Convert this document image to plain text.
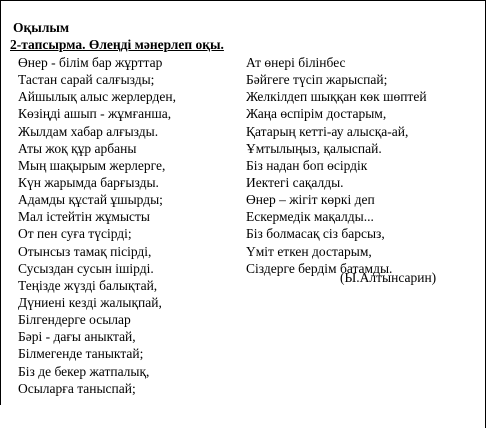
Оқылым
2-тапсырма. Өлеңді мәнерлеп оқы.
Өнер - білім бар жұрттар
Тастан сарай салғызды;
Айшылық алыс жерлерден,
Көзіңді ашып - жұмғанша,
Жылдам хабар алғызды.
Аты жоқ құр арбаны
Мың шақырым жерлерге,
Күн жарымда барғызды.
Адамды құстай ұшырды;
Мал істейтін жұмысты
От пен суға түсірді;
Отынсыз тамақ пісірді,
Сусыздан сусын ішірді.
Теңізде жүзді балықтай,
Дүниені кезді жалықпай,
Білгендерге осылар
Бәрі - дағы аныктай,
Білмегенде таныктай;
Біз де бекер жатпалық,
Осыларға таныспай;
Ат өнері білінбес
Бәйгеге түсіп жарыспай;
Желкілдеп шыққан көк шөптей
Жаңа өспірім достарым,
Қатарың кетті-ау алысқа-ай,
Ұмтылыңыз, қалыспай.
Біз надан боп өсірдік
Иектегі сақалды.
Өнер – жігіт көркі деп
Ескермедік мақалды...
Біз болмасақ сіз барсыз,
Үміт еткен достарым,
Сіздерге бердім батамды.
(Ы.Алтынсарин)
